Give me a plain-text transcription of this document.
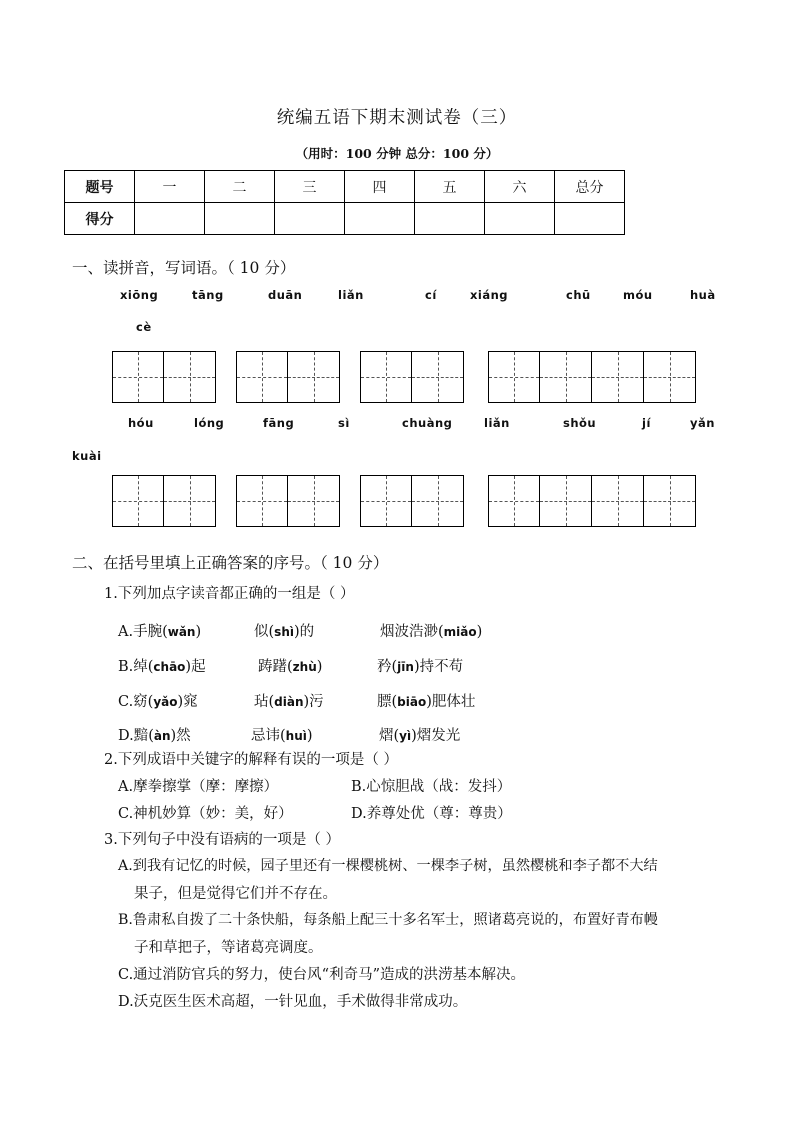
统编五语下期末测试卷（三）
（用时：100 分钟 总分：100 分）
题号	一	二	三	四	五	六	总分
得分							
一、读拼音，写词语。（ 10 分）
xiōng	tāng	duān	liǎn	cí	xiáng	chū	móu	huà
cè
hóu	lóng	fāng	sì	chuàng	liǎn	shǒu	jí	yǎn
kuài
二、在括号里填上正确答案的序号。（ 10 分）
1.下列加点字读音都正确的一组是（ ）
A.手腕(wǎn)	似(shì)的	烟波浩渺(miǎo)
B.绰(chāo)起	踌躇(zhù)	矜(jīn)持不苟
C.窈(yǎo)窕	玷(diàn)污	膘(biāo)肥体壮
D.黯(àn)然	忌讳(huì)	熠(yì)熠发光
2.下列成语中关键字的解释有误的一项是（ ）
A.摩拳擦掌（摩：摩擦）	B.心惊胆战（战：发抖）
C.神机妙算（妙：美，好）	D.养尊处优（尊：尊贵）
3.下列句子中没有语病的一项是（ ）
A.到我有记忆的时候，园子里还有一棵樱桃树、一棵李子树，虽然樱桃和李子都不大结
果子，但是觉得它们并不存在。
B.鲁肃私自拨了二十条快船，每条船上配三十多名军士，照诸葛亮说的，布置好青布幔
子和草把子，等诸葛亮调度。
C.通过消防官兵的努力，使台风“利奇马”造成的洪涝基本解决。
D.沃克医生医术高超，一针见血，手术做得非常成功。
